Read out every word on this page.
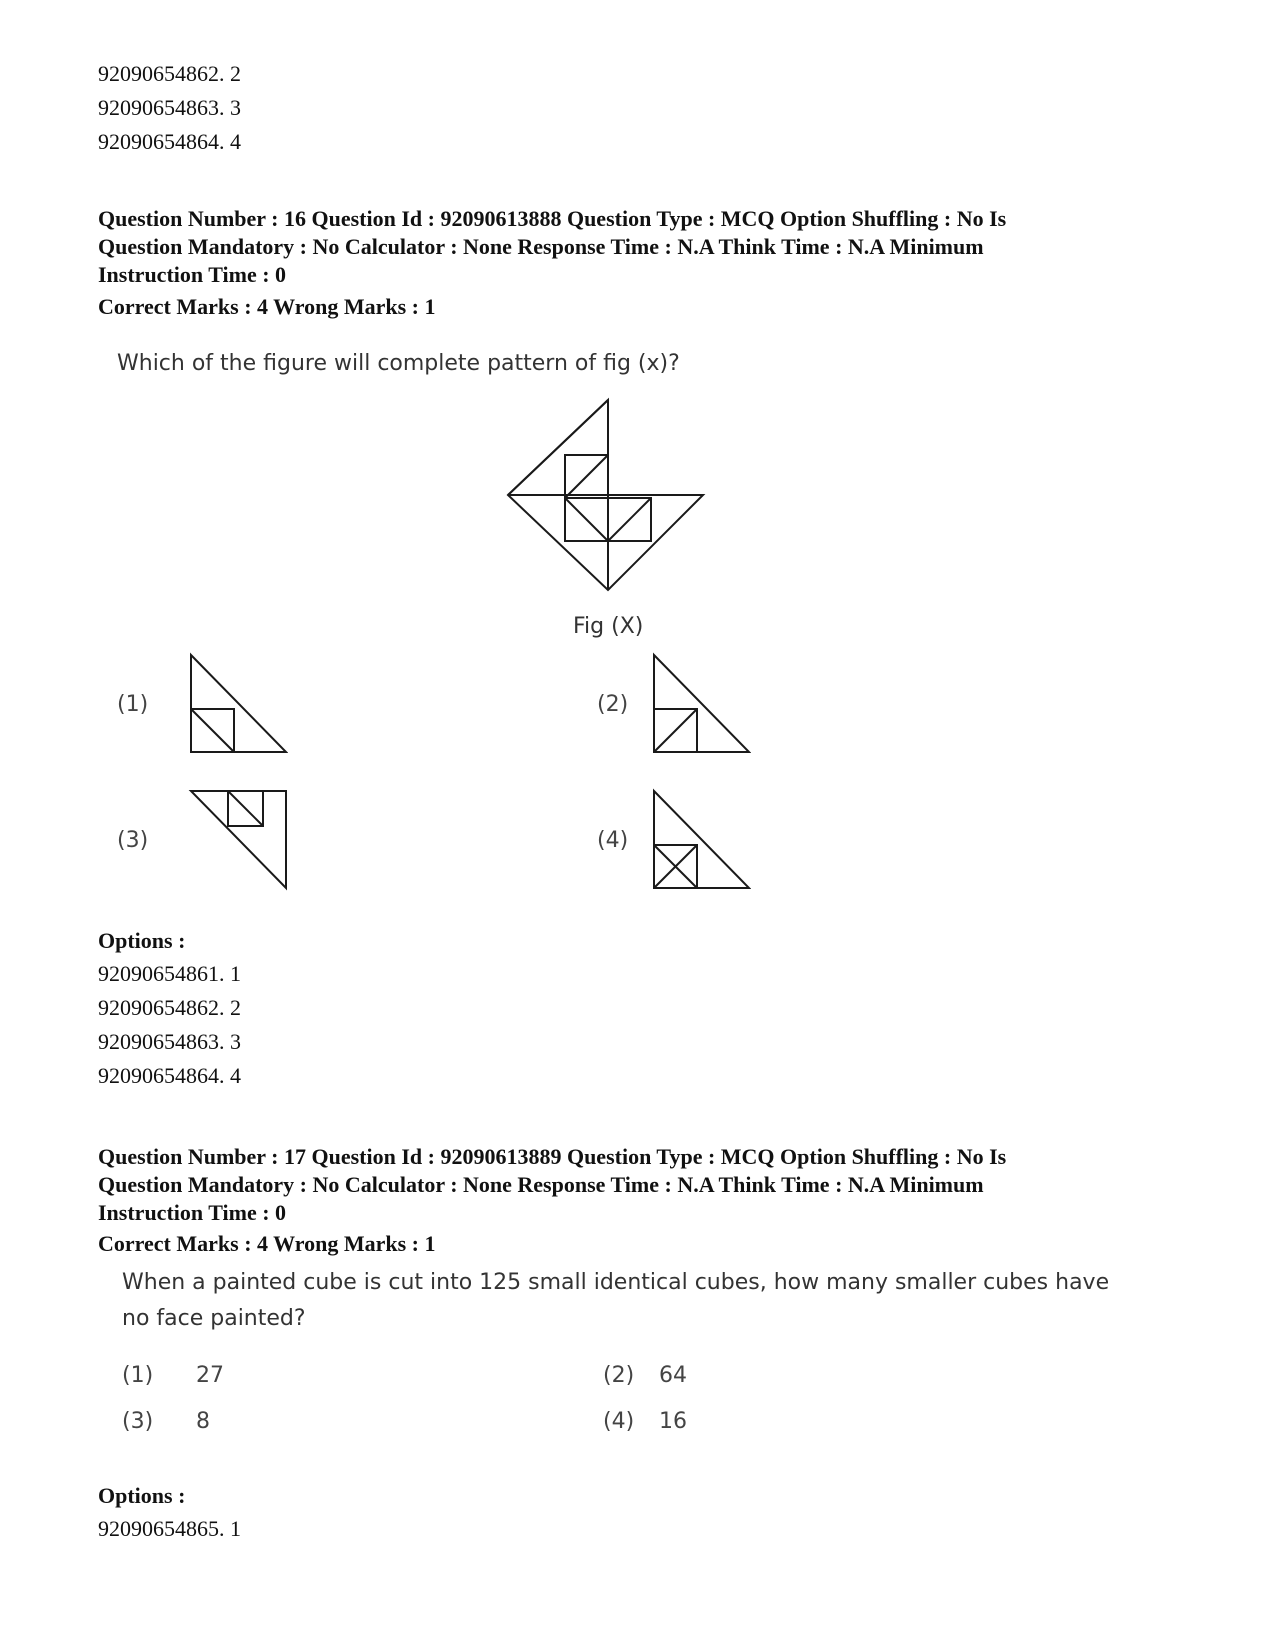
92090654862. 2
92090654863. 3
92090654864. 4
Question Number : 16 Question Id : 92090613888 Question Type : MCQ Option Shuffling : No Is
Question Mandatory : No Calculator : None Response Time : N.A Think Time : N.A Minimum
Instruction Time : 0
Correct Marks : 4 Wrong Marks : 1
Which of the figure will complete pattern of fig (x)?
Fig (X)
(1)	(2)
(3)	(4)
Options :
92090654861. 1
92090654862. 2
92090654863. 3
92090654864. 4
Question Number : 17 Question Id : 92090613889 Question Type : MCQ Option Shuffling : No Is
Question Mandatory : No Calculator : None Response Time : N.A Think Time : N.A Minimum
Instruction Time : 0
Correct Marks : 4 Wrong Marks : 1
When a painted cube is cut into 125 small identical cubes, how many smaller cubes have
no face painted?
(1) 27	(2) 64
(3) 8	(4) 16
Options :
92090654865. 1
